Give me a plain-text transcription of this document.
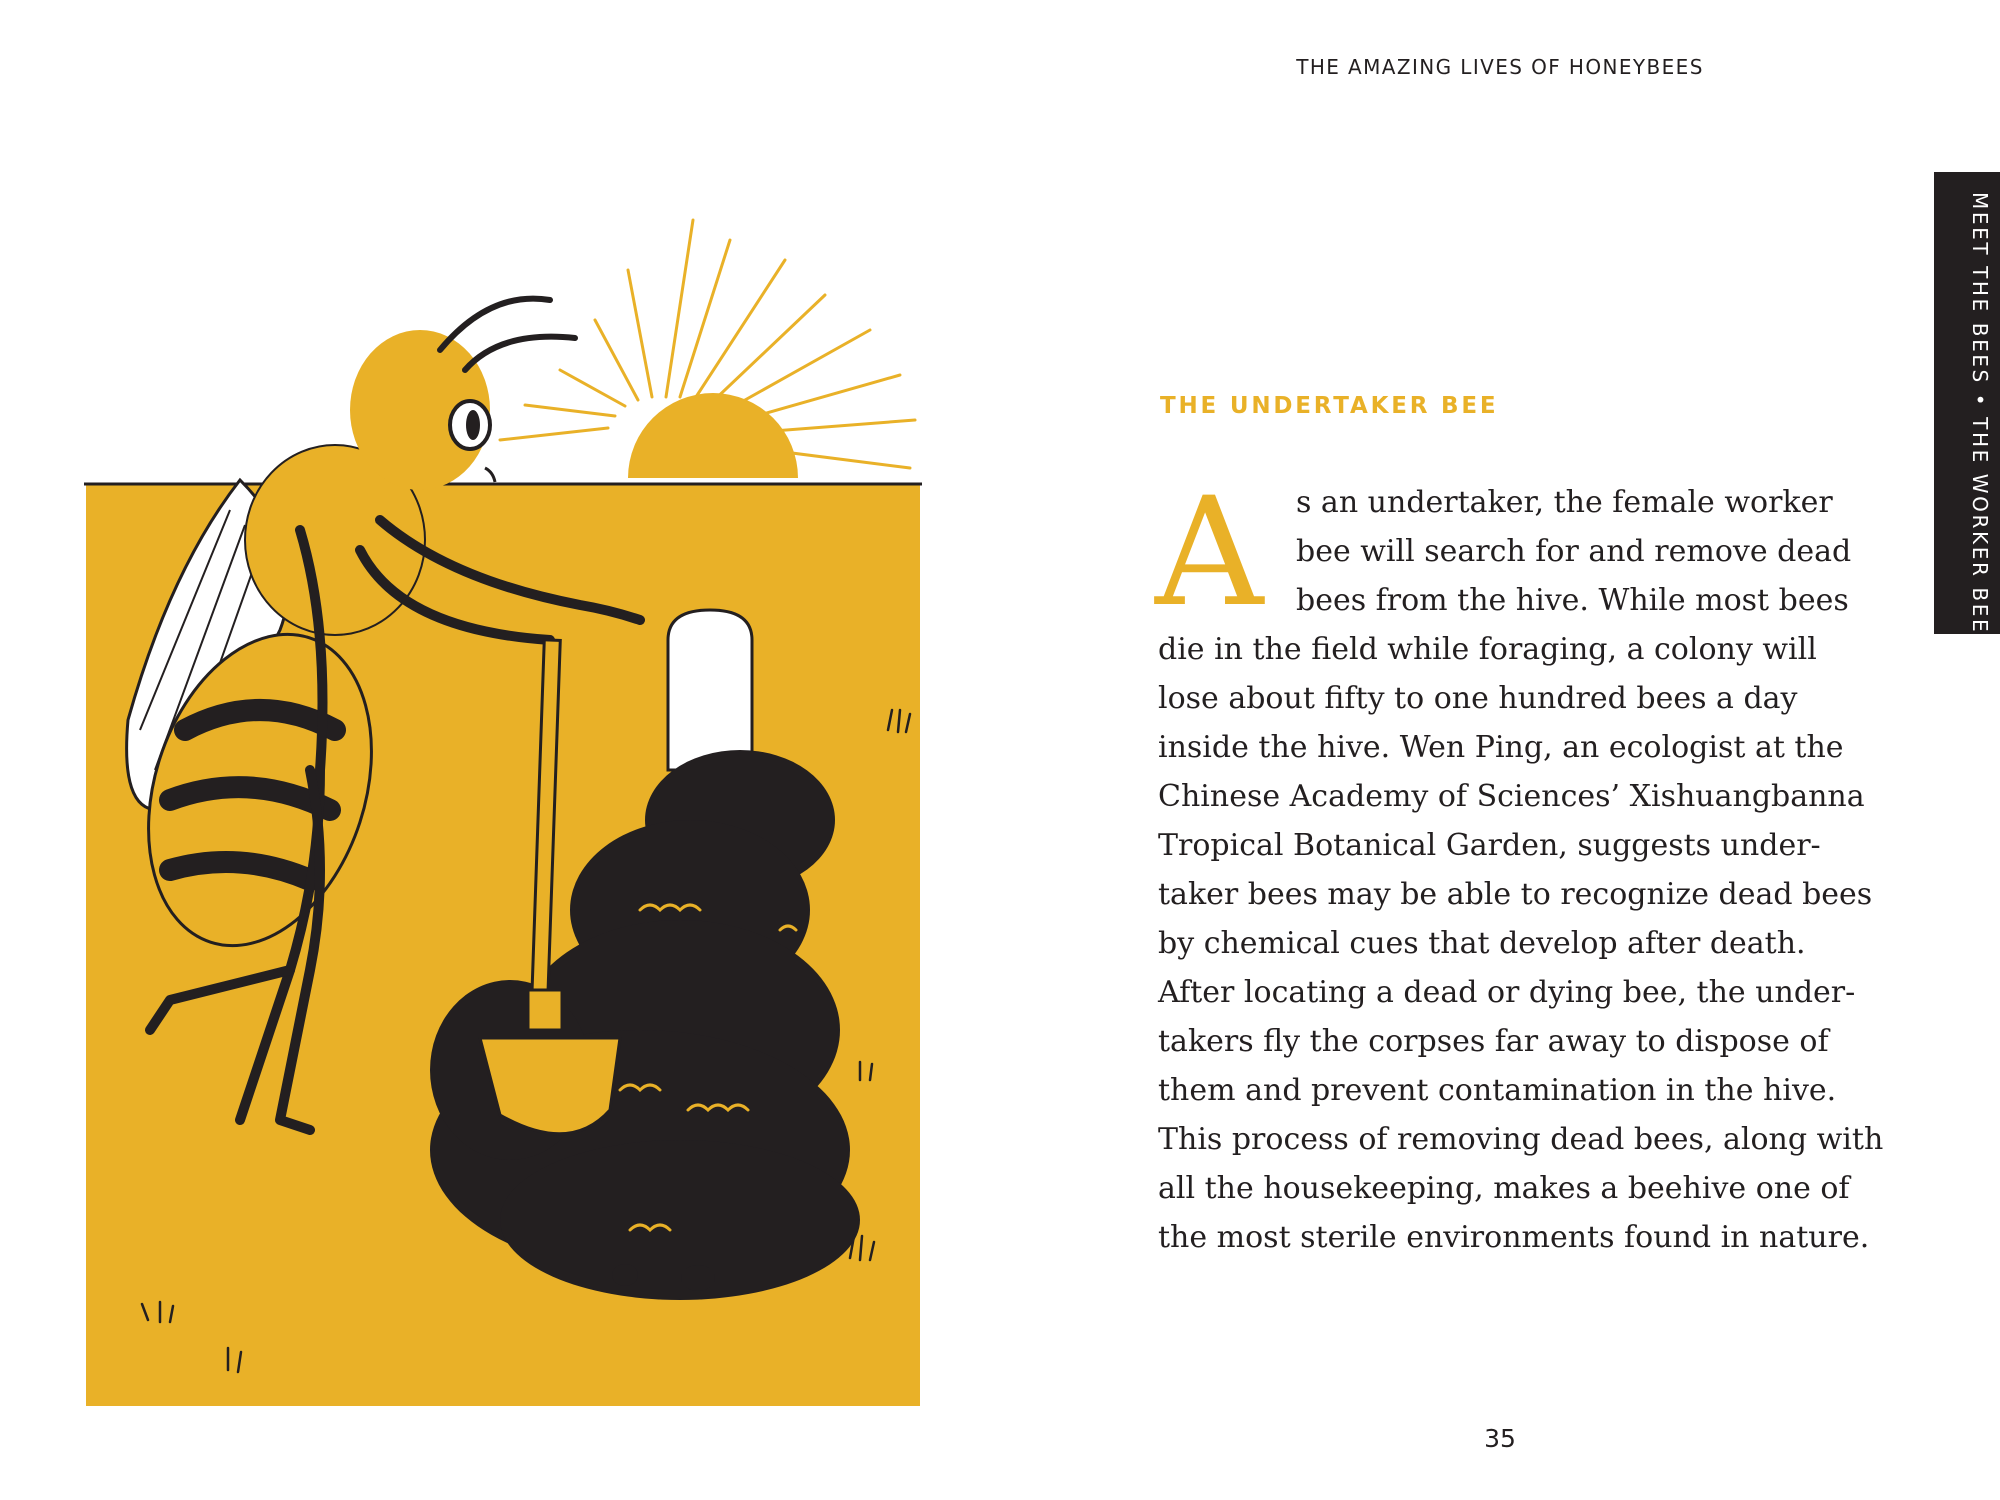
THE AMAZING LIVES OF HONEYBEES
MEET THE BEES • THE WORKER BEE
THE UNDERTAKER BEE
A	s an undertaker, the female worker
bee will search for and remove dead
bees from the hive. While most bees
die in the field while foraging, a colony will
lose about fifty to one hundred bees a day
inside the hive. Wen Ping, an ecologist at the
Chinese Academy of Sciences’ Xishuangbanna
Tropical Botanical Garden, suggests under-
taker bees may be able to recognize dead bees
by chemical cues that develop after death.
After locating a dead or dying bee, the under-
takers fly the corpses far away to dispose of
them and prevent contamination in the hive.
This process of removing dead bees, along with
all the housekeeping, makes a beehive one of
the most sterile environments found in nature.
35
